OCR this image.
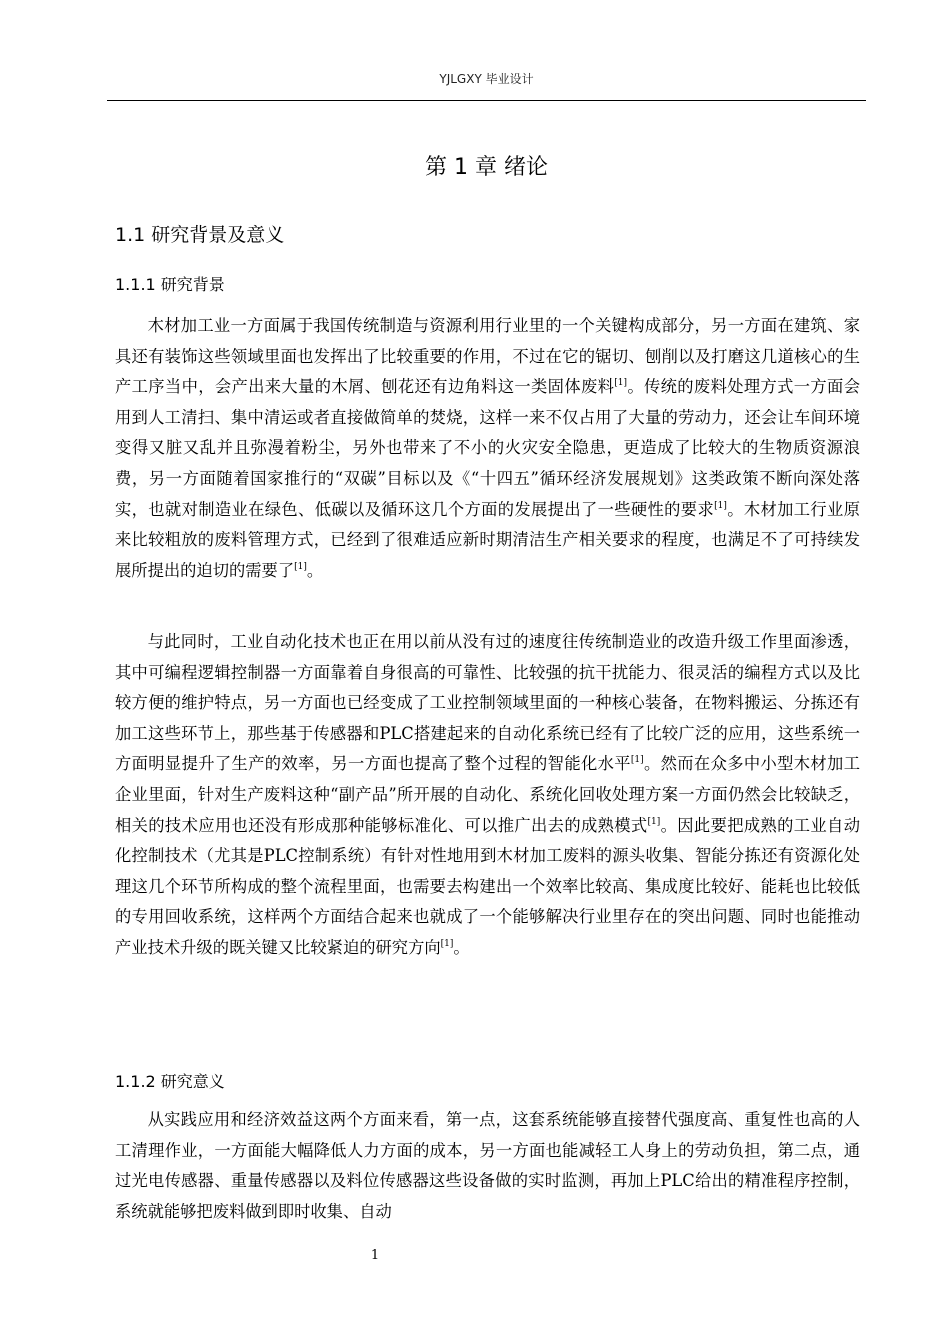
YJLGXY 毕业设计
第 1 章 绪论
1.1 研究背景及意义
1.1.1 研究背景

木材加工业一方面属于我国传统制造与资源利用行业里的一个关键构成部分，另一方面在建筑、家具还有装饰这些领域里面也发挥出了比较重要的作用，不过在它的锯切、刨削以及打磨这几道核心的生产工序当中，会产出来大量的木屑、刨花还有边角料这一类固体废料[1]。传统的废料处理方式一方面会用到人工清扫、集中清运或者直接做简单的焚烧，这样一来不仅占用了大量的劳动力，还会让车间环境变得又脏又乱并且弥漫着粉尘，另外也带来了不小的火灾安全隐患，更造成了比较大的生物质资源浪费，另一方面随着国家推行的“双碳”目标以及《“十四五”循环经济发展规划》这类政策不断向深处落实，也就对制造业在绿色、低碳以及循环这几个方面的发展提出了一些硬性的要求[1]。木材加工行业原来比较粗放的废料管理方式，已经到了很难适应新时期清洁生产相关要求的程度，也满足不了可持续发展所提出的迫切的需要了[1]。

与此同时，工业自动化技术也正在用以前从没有过的速度往传统制造业的改造升级工作里面渗透，其中可编程逻辑控制器一方面靠着自身很高的可靠性、比较强的抗干扰能力、很灵活的编程方式以及比较方便的维护特点，另一方面也已经变成了工业控制领域里面的一种核心装备，在物料搬运、分拣还有加工这些环节上，那些基于传感器和PLC搭建起来的自动化系统已经有了比较广泛的应用，这些系统一方面明显提升了生产的效率，另一方面也提高了整个过程的智能化水平[1]。然而在众多中小型木材加工企业里面，针对生产废料这种“副产品”所开展的自动化、系统化回收处理方案一方面仍然会比较缺乏，相关的技术应用也还没有形成那种能够标准化、可以推广出去的成熟模式[1]。因此要把成熟的工业自动化控制技术（尤其是PLC控制系统）有针对性地用到木材加工废料的源头收集、智能分拣还有资源化处理这几个环节所构成的整个流程里面，也需要去构建出一个效率比较高、集成度比较好、能耗也比较低的专用回收系统，这样两个方面结合起来也就成了一个能够解决行业里存在的突出问题、同时也能推动产业技术升级的既关键又比较紧迫的研究方向[1]。

1.1.2 研究意义

从实践应用和经济效益这两个方面来看，第一点，这套系统能够直接替代强度高、重复性也高的人工清理作业，一方面能大幅降低人力方面的成本，另一方面也能减轻工人身上的劳动负担，第二点，通过光电传感器、重量传感器以及料位传感器这些设备做的实时监测，再加上PLC给出的精准程序控制，系统就能够把废料做到即时收集、自动

1
